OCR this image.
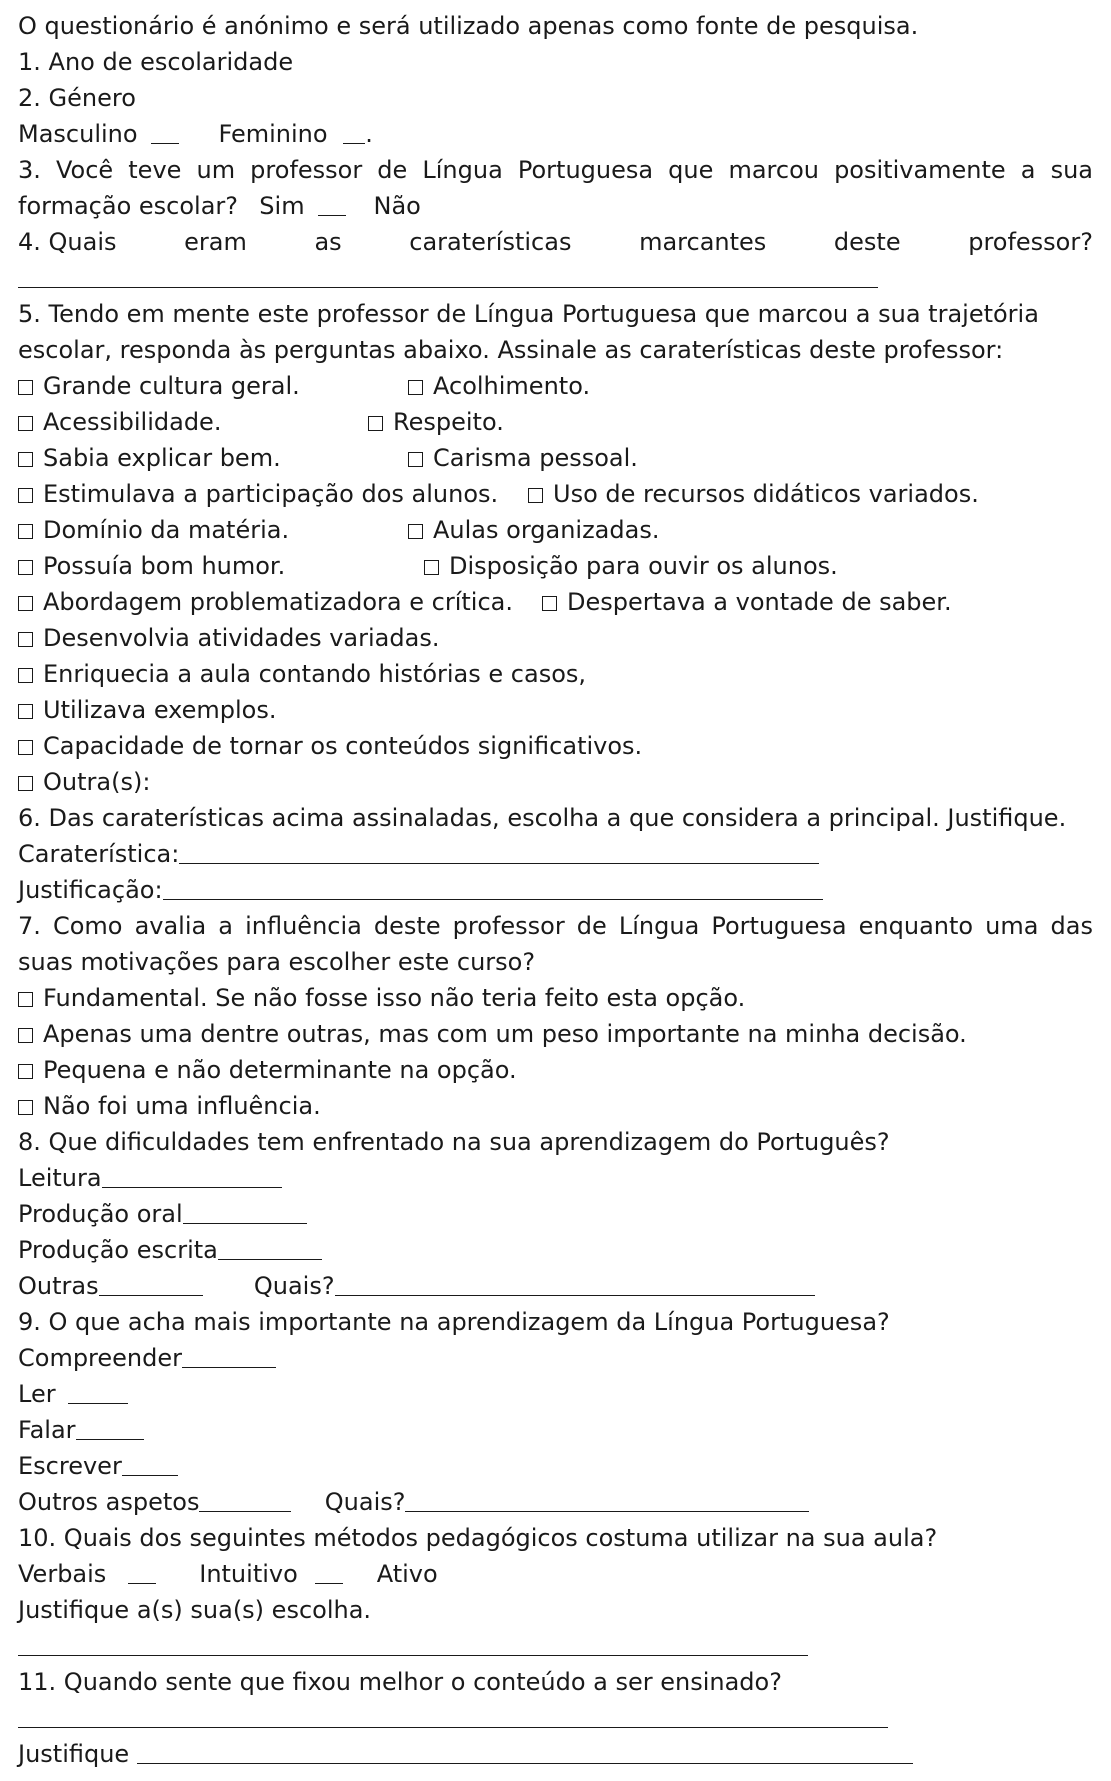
O questionário é anónimo e será utilizado apenas como fonte de pesquisa.
1. Ano de escolaridade
2. Género
Masculino	Feminino .
3. Você teve um professor de Língua Portuguesa que marcou positivamente a sua formação escolar? Sim	Não
4. Quais	eram	as	caraterísticas	marcantes	deste	professor?
5. Tendo em mente este professor de Língua Portuguesa que marcou a sua trajetória escolar, responda às perguntas abaixo. Assinale as caraterísticas deste professor:
Grande cultura geral.	Acolhimento.
Acessibilidade.	Respeito.
Sabia explicar bem.	Carisma pessoal.
Estimulava a participação dos alunos.	Uso de recursos didáticos variados.
Domínio da matéria.	Aulas organizadas.
Possuía bom humor.	Disposição para ouvir os alunos.
Abordagem problematizadora e crítica.	Despertava a vontade de saber.
Desenvolvia atividades variadas.
Enriquecia a aula contando histórias e casos,
Utilizava exemplos.
Capacidade de tornar os conteúdos significativos.
Outra(s):
6. Das caraterísticas acima assinaladas, escolha a que considera a principal. Justifique.
Caraterística:
Justificação:
7. Como avalia a influência deste professor de Língua Portuguesa enquanto uma das suas motivações para escolher este curso?
Fundamental. Se não fosse isso não teria feito esta opção.
Apenas uma dentre outras, mas com um peso importante na minha decisão.
Pequena e não determinante na opção.
Não foi uma influência.
8. Que dificuldades tem enfrentado na sua aprendizagem do Português?
Leitura
Produção oral
Produção escrita
Outras	Quais?
9. O que acha mais importante na aprendizagem da Língua Portuguesa?
Compreender
Ler
Falar
Escrever
Outros aspetos	Quais?
10. Quais dos seguintes métodos pedagógicos costuma utilizar na sua aula?
Verbais	Intuitivo	Ativo
Justifique a(s) sua(s) escolha.
11. Quando sente que fixou melhor o conteúdo a ser ensinado?
Justifique
